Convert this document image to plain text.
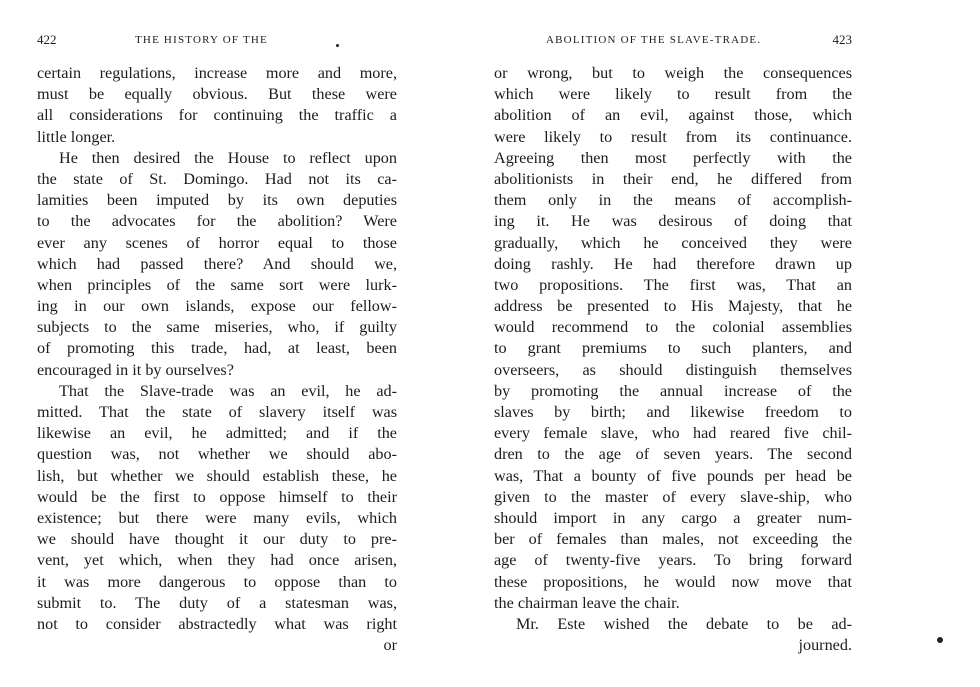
422	THE HISTORY OF THE
certain regulations, increase more and more,
must be equally obvious. But these were
all considerations for continuing the traffic a
little longer.
He then desired the House to reflect upon
the state of St. Domingo. Had not its ca-
lamities been imputed by its own deputies
to the advocates for the abolition? Were
ever any scenes of horror equal to those
which had passed there? And should we,
when principles of the same sort were lurk-
ing in our own islands, expose our fellow-
subjects to the same miseries, who, if guilty
of promoting this trade, had, at least, been
encouraged in it by ourselves?
That the Slave-trade was an evil, he ad-
mitted. That the state of slavery itself was
likewise an evil, he admitted; and if the
question was, not whether we should abo-
lish, but whether we should establish these, he
would be the first to oppose himself to their
existence; but there were many evils, which
we should have thought it our duty to pre-
vent, yet which, when they had once arisen,
it was more dangerous to oppose than to
submit to. The duty of a statesman was,
not to consider abstractedly what was right
or
ABOLITION OF THE SLAVE-TRADE.	423
or wrong, but to weigh the consequences
which were likely to result from the
abolition of an evil, against those, which
were likely to result from its continuance.
Agreeing then most perfectly with the
abolitionists in their end, he differed from
them only in the means of accomplish-
ing it. He was desirous of doing that
gradually, which he conceived they were
doing rashly. He had therefore drawn up
two propositions. The first was, That an
address be presented to His Majesty, that he
would recommend to the colonial assemblies
to grant premiums to such planters, and
overseers, as should distinguish themselves
by promoting the annual increase of the
slaves by birth; and likewise freedom to
every female slave, who had reared five chil-
dren to the age of seven years. The second
was, That a bounty of five pounds per head be
given to the master of every slave-ship, who
should import in any cargo a greater num-
ber of females than males, not exceeding the
age of twenty-five years. To bring forward
these propositions, he would now move that
the chairman leave the chair.
Mr. Este wished the debate to be ad-
journed.
